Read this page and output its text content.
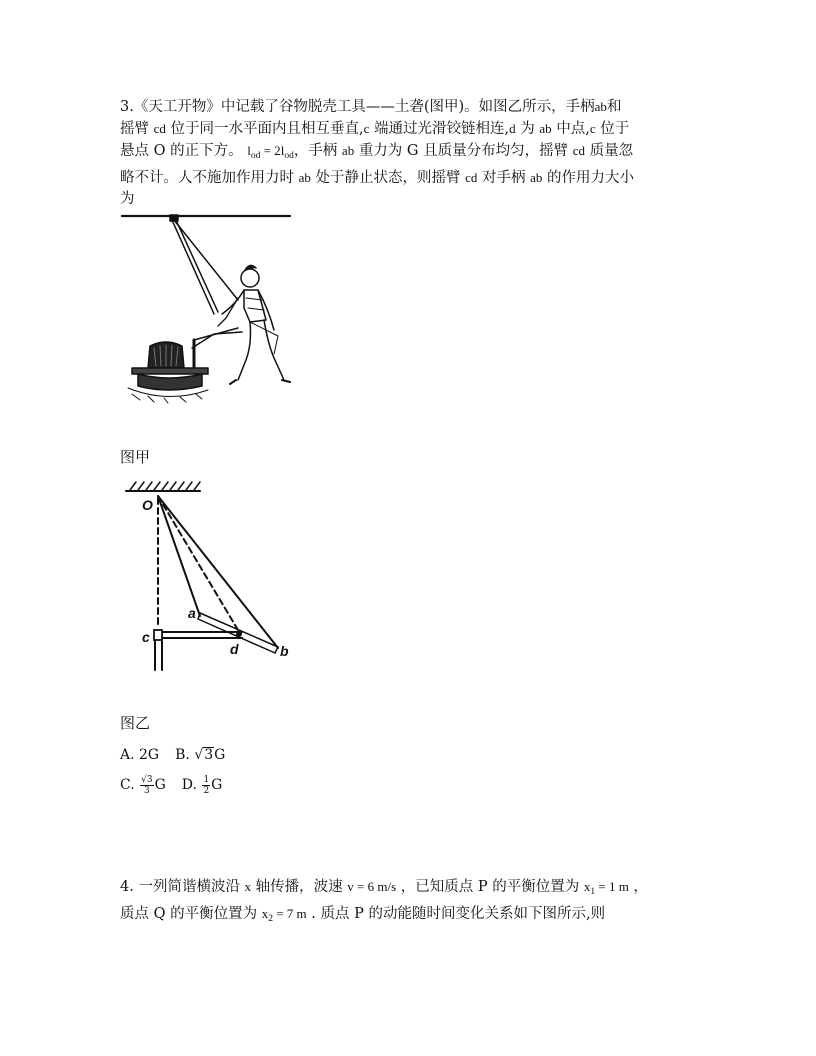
3.《天工开物》中记载了谷物脱壳工具——土砻(图甲)。如图乙所示，手柄ab和
摇臂 cd 位于同一水平面内且相互垂直,c 端通过光滑铰链相连,d 为 ab 中点,c 位于
悬点 O 的正下方。 $l_{od} = 2l_{od}$，手柄 ab 重力为 G 且质量分布均匀，摇臂 cd 质量忽
略不计。人不施加作用力时 ab 处于静止状态，则摇臂 cd 对手柄 ab 的作用力大小
为
图甲
O
a
b
c
d
图乙
A.
2G B.
√ 3 G
C.
$\frac{√3}{3}$ G D.
$\frac{1}{2}$ G
4. 一列简谐横波沿 x 轴传播，波速 v = 6 m/s ，已知质点 P 的平衡位置为 $x_1 = 1$ m ，
质点 Q 的平衡位置为 $x_2 = 7$ m . 质点 P 的动能随时间变化关系如下图所示,则
